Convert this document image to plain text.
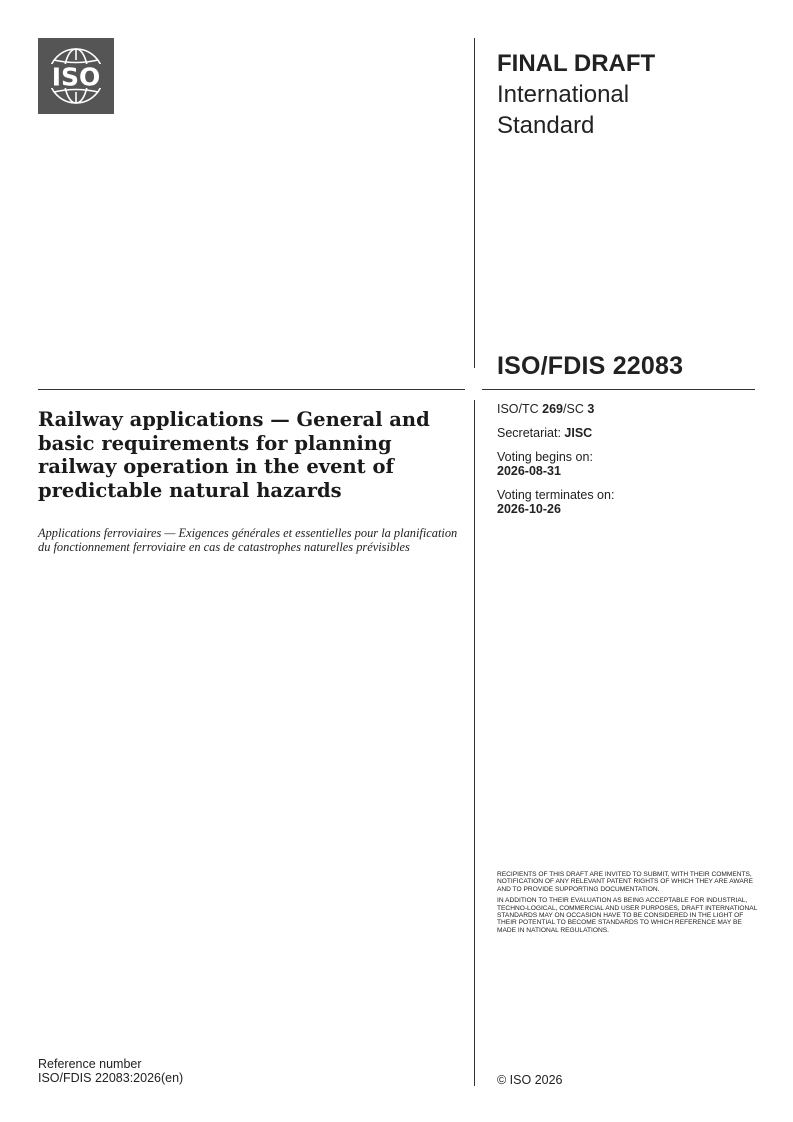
ISO	FINAL DRAFT
International
Standard
ISO/FDIS 22083
Railway applications — General and basic requirements for planning railway operation in the event of predictable natural hazards
Applications ferroviaires — Exigences générales et essentielles pour la planification du fonctionnement ferroviaire en cas de catastrophes naturelles prévisibles
ISO/TC 269/SC 3
Secretariat: JISC
Voting begins on:
2026-08-31
Voting terminates on:
2026-10-26

RECIPIENTS OF THIS DRAFT ARE INVITED TO SUBMIT, WITH THEIR COMMENTS, NOTIFICATION OF ANY RELEVANT PATENT RIGHTS OF WHICH THEY ARE AWARE AND TO PROVIDE SUPPORTING DOCUMENTATION.

IN ADDITION TO THEIR EVALUATION AS BEING ACCEPTABLE FOR INDUSTRIAL, TECHNO-LOGICAL, COMMERCIAL AND USER PURPOSES, DRAFT INTERNATIONAL STANDARDS MAY ON OCCASION HAVE TO BE CONSIDERED IN THE LIGHT OF THEIR POTENTIAL TO BECOME STANDARDS TO WHICH REFERENCE MAY BE MADE IN NATIONAL REGULATIONS.

Reference number
ISO/FDIS 22083:2026(en)	© ISO 2026
